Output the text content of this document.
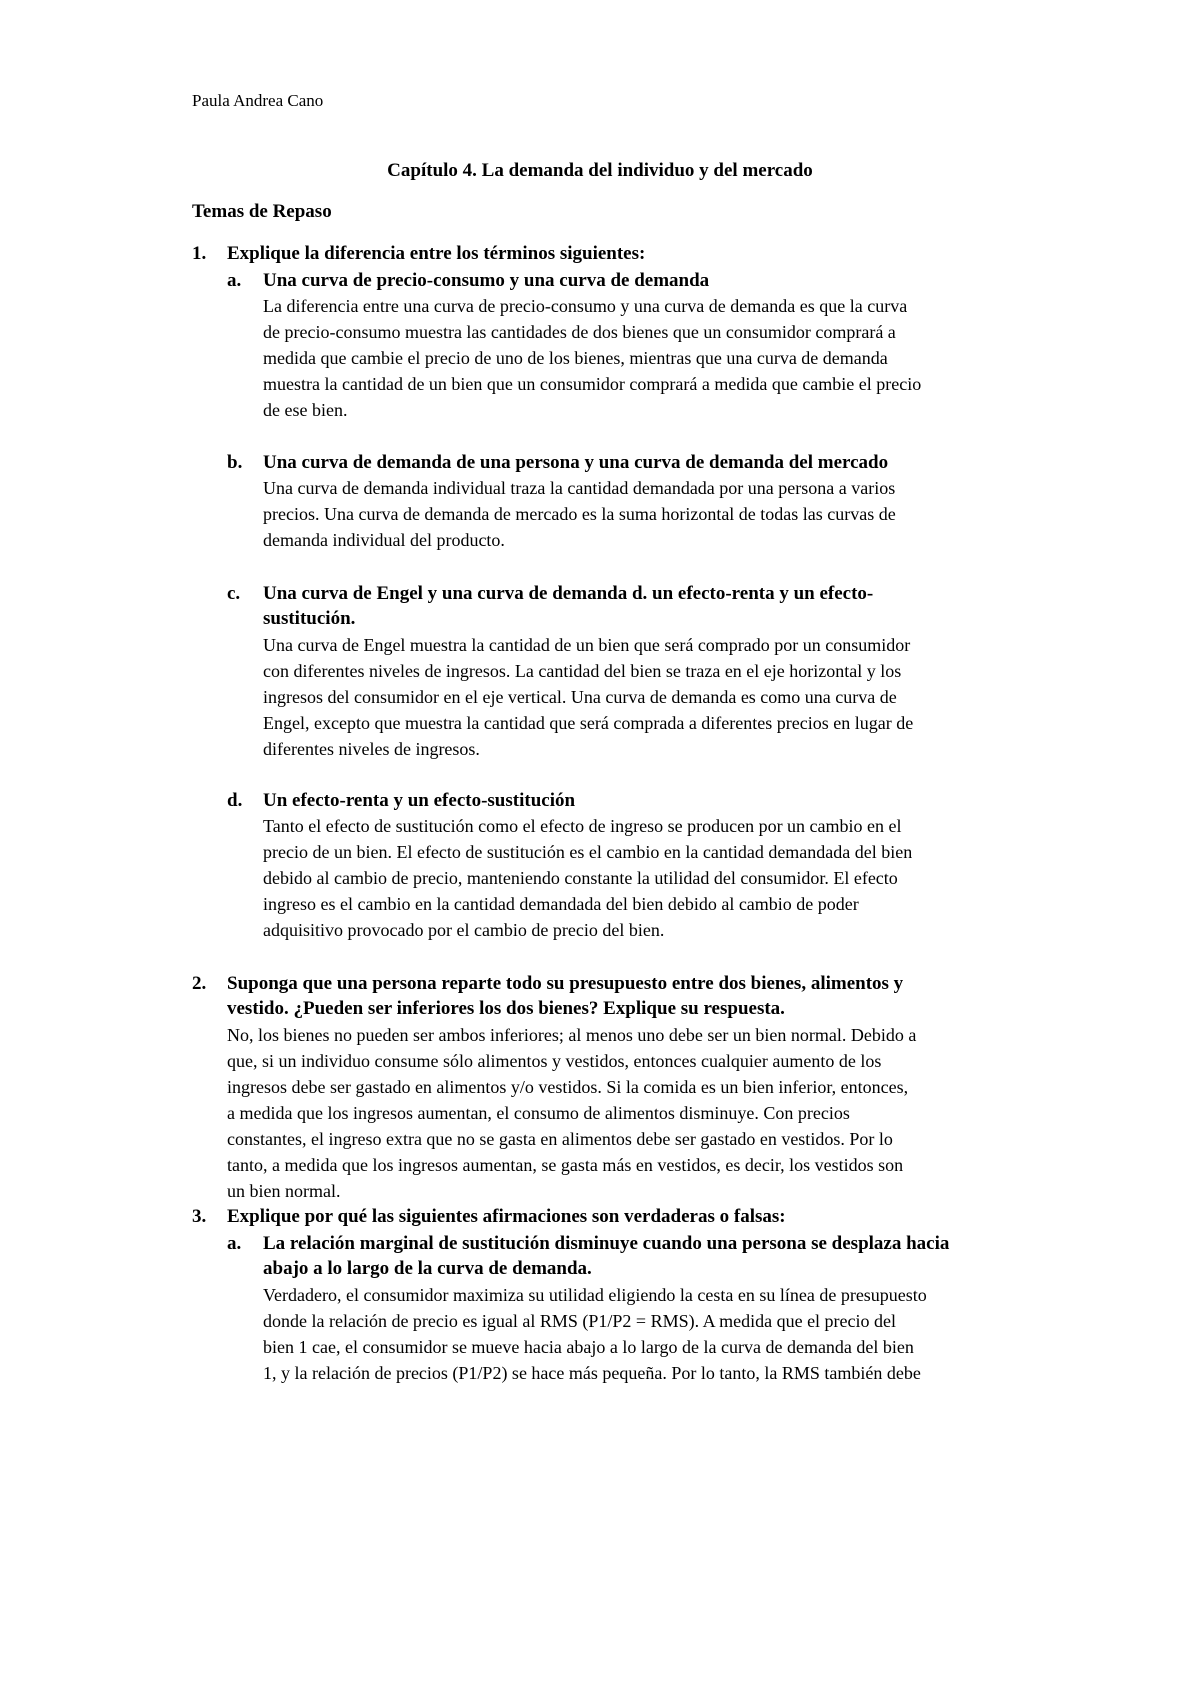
Paula Andrea Cano
Capítulo 4. La demanda del individuo y del mercado
Temas de Repaso
1. Explique la diferencia entre los términos siguientes:
a. Una curva de precio-consumo y una curva de demanda
La diferencia entre una curva de precio-consumo y una curva de demanda es que la curva
de precio-consumo muestra las cantidades de dos bienes que un consumidor comprará a
medida que cambie el precio de uno de los bienes, mientras que una curva de demanda
muestra la cantidad de un bien que un consumidor comprará a medida que cambie el precio
de ese bien.
b. Una curva de demanda de una persona y una curva de demanda del mercado
Una curva de demanda individual traza la cantidad demandada por una persona a varios
precios. Una curva de demanda de mercado es la suma horizontal de todas las curvas de
demanda individual del producto.
c. Una curva de Engel y una curva de demanda d. un efecto-renta y un efecto-
sustitución.
Una curva de Engel muestra la cantidad de un bien que será comprado por un consumidor
con diferentes niveles de ingresos. La cantidad del bien se traza en el eje horizontal y los
ingresos del consumidor en el eje vertical. Una curva de demanda es como una curva de
Engel, excepto que muestra la cantidad que será comprada a diferentes precios en lugar de
diferentes niveles de ingresos.
d. Un efecto-renta y un efecto-sustitución
Tanto el efecto de sustitución como el efecto de ingreso se producen por un cambio en el
precio de un bien. El efecto de sustitución es el cambio en la cantidad demandada del bien
debido al cambio de precio, manteniendo constante la utilidad del consumidor. El efecto
ingreso es el cambio en la cantidad demandada del bien debido al cambio de poder
adquisitivo provocado por el cambio de precio del bien.
2. Suponga que una persona reparte todo su presupuesto entre dos bienes, alimentos y
vestido. ¿Pueden ser inferiores los dos bienes? Explique su respuesta.
No, los bienes no pueden ser ambos inferiores; al menos uno debe ser un bien normal. Debido a
que, si un individuo consume sólo alimentos y vestidos, entonces cualquier aumento de los
ingresos debe ser gastado en alimentos y/o vestidos. Si la comida es un bien inferior, entonces,
a medida que los ingresos aumentan, el consumo de alimentos disminuye. Con precios
constantes, el ingreso extra que no se gasta en alimentos debe ser gastado en vestidos. Por lo
tanto, a medida que los ingresos aumentan, se gasta más en vestidos, es decir, los vestidos son
un bien normal.
3. Explique por qué las siguientes afirmaciones son verdaderas o falsas:
a. La relación marginal de sustitución disminuye cuando una persona se desplaza hacia
abajo a lo largo de la curva de demanda.
Verdadero, el consumidor maximiza su utilidad eligiendo la cesta en su línea de presupuesto
donde la relación de precio es igual al RMS (P1/P2 = RMS). A medida que el precio del
bien 1 cae, el consumidor se mueve hacia abajo a lo largo de la curva de demanda del bien
1, y la relación de precios (P1/P2) se hace más pequeña. Por lo tanto, la RMS también debe
